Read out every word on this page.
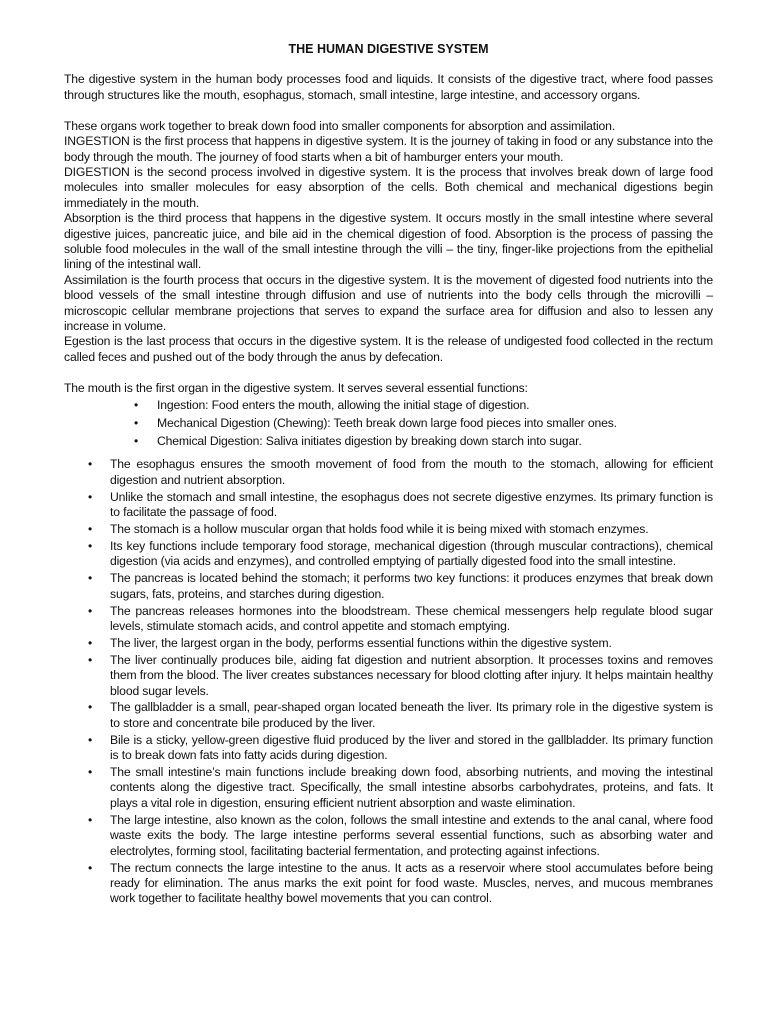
THE HUMAN DIGESTIVE SYSTEM

The digestive system in the human body processes food and liquids. It consists of the digestive tract, where food passes through structures like the mouth, esophagus, stomach, small intestine, large intestine, and accessory organs.

These organs work together to break down food into smaller components for absorption and assimilation.

INGESTION is the first process that happens in digestive system. It is the journey of taking in food or any substance into the body through the mouth. The journey of food starts when a bit of hamburger enters your mouth.

DIGESTION is the second process involved in digestive system. It is the process that involves break down of large food molecules into smaller molecules for easy absorption of the cells. Both chemical and mechanical digestions begin immediately in the mouth.

Absorption is the third process that happens in the digestive system. It occurs mostly in the small intestine where several digestive juices, pancreatic juice, and bile aid in the chemical digestion of food. Absorption is the process of passing the soluble food molecules in the wall of the small intestine through the villi – the tiny, finger-like projections from the epithelial lining of the intestinal wall.

Assimilation is the fourth process that occurs in the digestive system. It is the movement of digested food nutrients into the blood vessels of the small intestine through diffusion and use of nutrients into the body cells through the microvilli – microscopic cellular membrane projections that serves to expand the surface area for diffusion and also to lessen any increase in volume.

Egestion is the last process that occurs in the digestive system. It is the release of undigested food collected in the rectum called feces and pushed out of the body through the anus by defecation.

The mouth is the first organ in the digestive system. It serves several essential functions:

• Ingestion: Food enters the mouth, allowing the initial stage of digestion.
• Mechanical Digestion (Chewing): Teeth break down large food pieces into smaller ones.
• Chemical Digestion: Saliva initiates digestion by breaking down starch into sugar.
• The esophagus ensures the smooth movement of food from the mouth to the stomach, allowing for efficient digestion and nutrient absorption.
• Unlike the stomach and small intestine, the esophagus does not secrete digestive enzymes. Its primary function is to facilitate the passage of food.
• The stomach is a hollow muscular organ that holds food while it is being mixed with stomach enzymes.
• Its key functions include temporary food storage, mechanical digestion (through muscular contractions), chemical digestion (via acids and enzymes), and controlled emptying of partially digested food into the small intestine.
• The pancreas is located behind the stomach; it performs two key functions: it produces enzymes that break down sugars, fats, proteins, and starches during digestion.
• The pancreas releases hormones into the bloodstream. These chemical messengers help regulate blood sugar levels, stimulate stomach acids, and control appetite and stomach emptying.
• The liver, the largest organ in the body, performs essential functions within the digestive system.
• The liver continually produces bile, aiding fat digestion and nutrient absorption. It processes toxins and removes them from the blood. The liver creates substances necessary for blood clotting after injury. It helps maintain healthy blood sugar levels.
• The gallbladder is a small, pear-shaped organ located beneath the liver. Its primary role in the digestive system is to store and concentrate bile produced by the liver.
• Bile is a sticky, yellow-green digestive fluid produced by the liver and stored in the gallbladder. Its primary function is to break down fats into fatty acids during digestion.
• The small intestine’s main functions include breaking down food, absorbing nutrients, and moving the intestinal contents along the digestive tract. Specifically, the small intestine absorbs carbohydrates, proteins, and fats. It plays a vital role in digestion, ensuring efficient nutrient absorption and waste elimination.
• The large intestine, also known as the colon, follows the small intestine and extends to the anal canal, where food waste exits the body. The large intestine performs several essential functions, such as absorbing water and electrolytes, forming stool, facilitating bacterial fermentation, and protecting against infections.
• The rectum connects the large intestine to the anus. It acts as a reservoir where stool accumulates before being ready for elimination. The anus marks the exit point for food waste. Muscles, nerves, and mucous membranes work together to facilitate healthy bowel movements that you can control.
